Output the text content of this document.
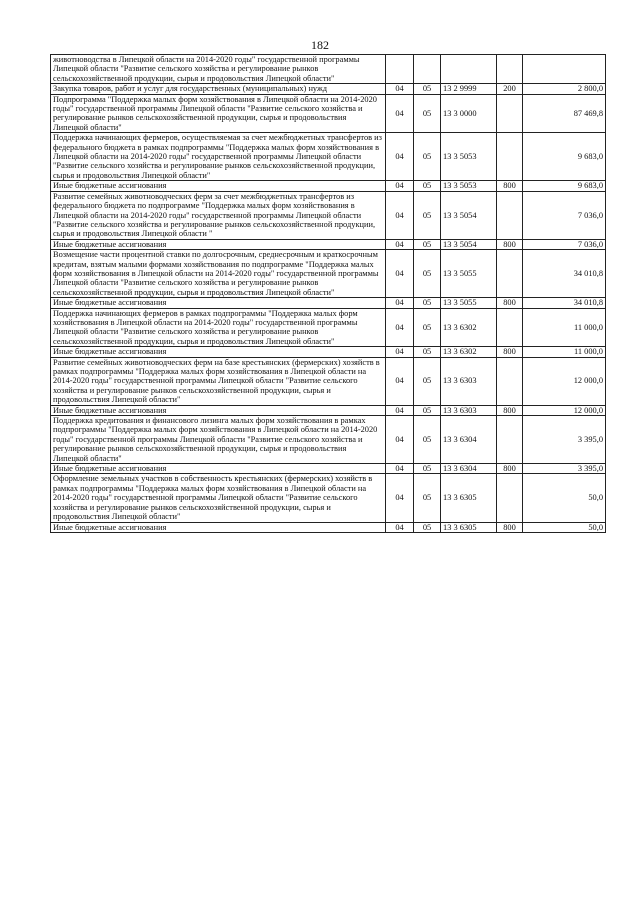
182
животноводства в Липецкой области на 2014-2020 годы" государственной программы Липецкой области "Развитие сельского хозяйства и регулирование рынков сельскохозяйственной продукции, сырья и продовольствия Липецкой области"					
Закупка товаров, работ и услуг для государственных (муниципальных) нужд	04	05	13 2 9999	200	2 800,0
Подпрограмма "Поддержка малых форм хозяйствования в Липецкой области на 2014-2020 годы" государственной программы Липецкой области "Развитие сельского хозяйства и регулирование рынков сельскохозяйственной продукции, сырья и продовольствия Липецкой области"	04	05	13 3 0000		87 469,8
Поддержка начинающих фермеров, осуществляемая за счет межбюджетных трансфертов из федерального бюджета в рамках подпрограммы "Поддержка малых форм хозяйствования в Липецкой области на 2014-2020 годы" государственной программы Липецкой области "Развитие сельского хозяйства и регулирование рынков сельскохозяйственной продукции, сырья и продовольствия Липецкой области"	04	05	13 3 5053		9 683,0
Иные бюджетные ассигнования	04	05	13 3 5053	800	9 683,0
Развитие семейных животноводческих ферм за счет межбюджетных трансфертов из федерального бюджета по подпрограмме "Поддержка малых форм хозяйствования в Липецкой области на 2014-2020 годы" государственной программы Липецкой области "Развитие сельского хозяйства и регулирование рынков сельскохозяйственной продукции, сырья и продовольствия Липецкой области "	04	05	13 3 5054		7 036,0
Иные бюджетные ассигнования	04	05	13 3 5054	800	7 036,0
Возмещение части процентной ставки по долгосрочным, среднесрочным и краткосрочным кредитам, взятым малыми формами хозяйствования по подпрограмме "Поддержка малых форм хозяйствования в Липецкой области на 2014-2020 годы" государственной программы Липецкой области "Развитие сельского хозяйства и регулирование рынков сельскохозяйственной продукции, сырья и продовольствия Липецкой области"	04	05	13 3 5055		34 010,8
Иные бюджетные ассигнования	04	05	13 3 5055	800	34 010,8
Поддержка начинающих фермеров в рамках подпрограммы "Поддержка малых форм хозяйствования в Липецкой области на 2014-2020 годы" государственной программы Липецкой области "Развитие сельского хозяйства и регулирование рынков сельскохозяйственной продукции, сырья и продовольствия Липецкой области"	04	05	13 3 6302		11 000,0
Иные бюджетные ассигнования	04	05	13 3 6302	800	11 000,0
Развитие семейных животноводческих ферм на базе крестьянских (фермерских) хозяйств в рамках подпрограммы "Поддержка малых форм хозяйствования в Липецкой области на 2014-2020 годы" государственной программы Липецкой области "Развитие сельского хозяйства и регулирование рынков сельскохозяйственной продукции, сырья и продовольствия Липецкой области"	04	05	13 3 6303		12 000,0
Иные бюджетные ассигнования	04	05	13 3 6303	800	12 000,0
Поддержка кредитования и финансового лизинга малых форм хозяйствования в рамках подпрограммы "Поддержка малых форм хозяйствования в Липецкой области на 2014-2020 годы" государственной программы Липецкой области "Развитие сельского хозяйства и регулирование рынков сельскохозяйственной продукции, сырья и продовольствия Липецкой области"	04	05	13 3 6304		3 395,0
Иные бюджетные ассигнования	04	05	13 3 6304	800	3 395,0
Оформление земельных участков в собственность крестьянских (фермерских) хозяйств в рамках подпрограммы "Поддержка малых форм хозяйствования в Липецкой области на 2014-2020 годы" государственной программы Липецкой области "Развитие сельского хозяйства и регулирование рынков сельскохозяйственной продукции, сырья и продовольствия Липецкой области"	04	05	13 3 6305		50,0
Иные бюджетные ассигнования	04	05	13 3 6305	800	50,0
